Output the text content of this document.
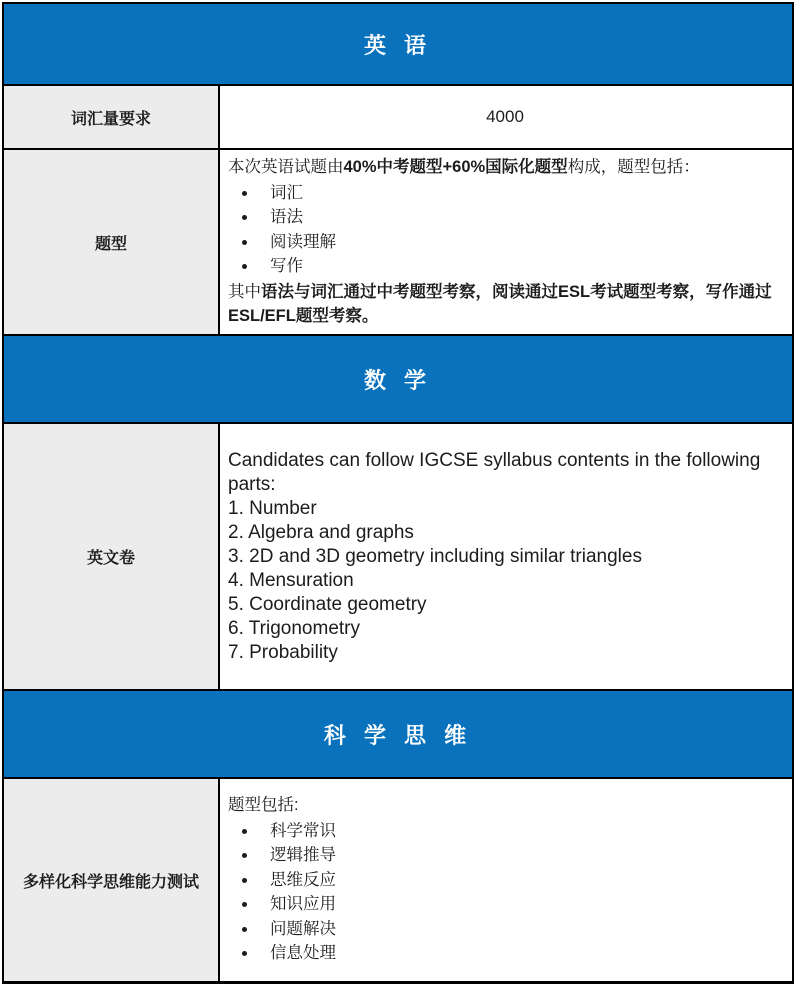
英 语
词汇量要求	4000
题型

本次英语试题由40%中考题型+60%国际化题型构成，题型包括：

• 词汇
• 语法
• 阅读理解
• 写作

其中语法与词汇通过中考题型考察，阅读通过ESL考试题型考察，写作通过ESL/EFL题型考察。

数 学
英文卷

Candidates can follow IGCSE syllabus contents in the following parts:

1. Number

2. Algebra and graphs

3. 2D and 3D geometry including similar triangles

4. Mensuration

5. Coordinate geometry

6. Trigonometry

7. Probability

科 学 思 维
多样化科学思维能力测试

题型包括:

• 科学常识
• 逻辑推导
• 思维反应
• 知识应用
• 问题解决
• 信息处理
